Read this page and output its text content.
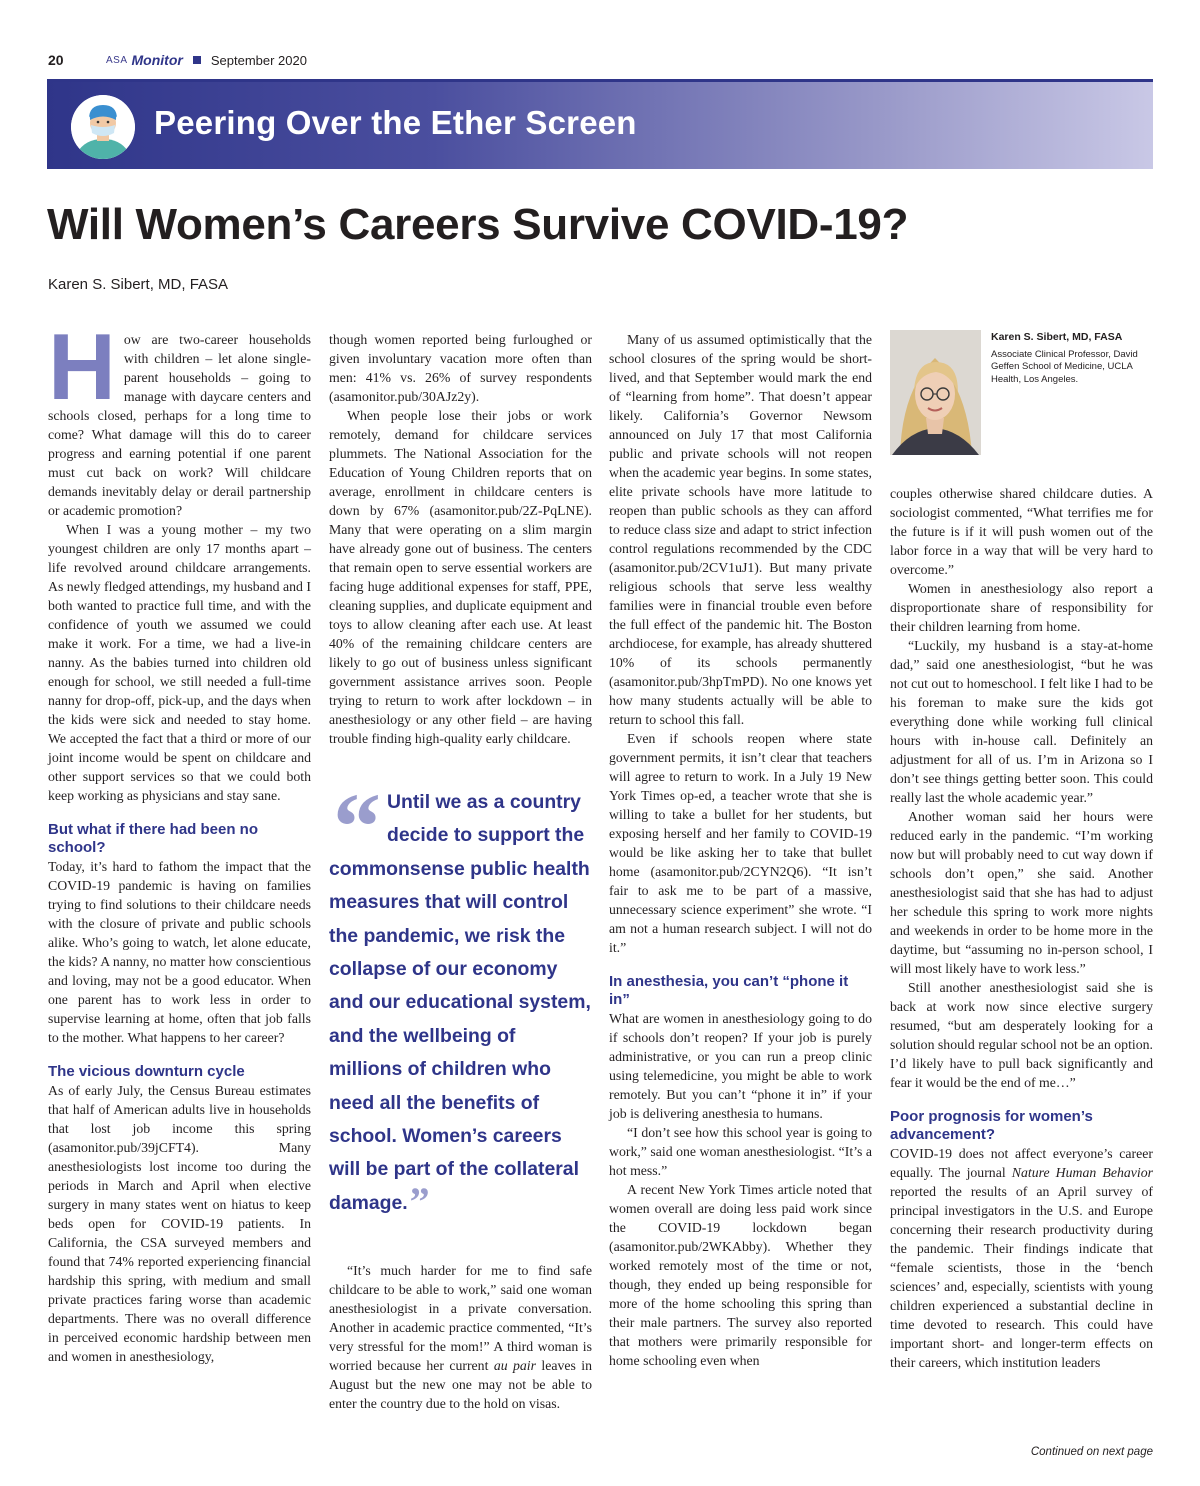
20	ASA Monitor September 2020
Peering Over the Ether Screen
Will Women’s Careers Survive COVID-19?
Karen S. Sibert, MD, FASA
H ow are two-career households with children – let alone single-parent households – going to manage with daycare centers and schools closed, perhaps for a long time to come? What damage will this do to career progress and earning potential if one parent must cut back on work? Will childcare demands inevitably delay or derail partnership or academic promotion?

When I was a young mother – my two youngest children are only 17 months apart – life revolved around childcare arrangements. As newly fledged attendings, my husband and I both wanted to practice full time, and with the confidence of youth we assumed we could make it work. For a time, we had a live-in nanny. As the babies turned into children old enough for school, we still needed a full-time nanny for drop-off, pick-up, and the days when the kids were sick and needed to stay home. We accepted the fact that a third or more of our joint income would be spent on childcare and other support services so that we could both keep working as physicians and stay sane.

But what if there had been no school?

Today, it’s hard to fathom the impact that the COVID-19 pandemic is having on families trying to find solutions to their childcare needs with the closure of private and public schools alike. Who’s going to watch, let alone educate, the kids? A nanny, no matter how conscientious and loving, may not be a good educator. When one parent has to work less in order to supervise learning at home, often that job falls to the mother. What happens to her career?

The vicious downturn cycle

As of early July, the Census Bureau estimates that half of American adults live in households that lost job income this spring (asamonitor.pub/39jCFT4). Many anesthesiologists lost income too during the periods in March and April when elective surgery in many states went on hiatus to keep beds open for COVID-19 patients. In California, the CSA surveyed members and found that 74% reported experiencing financial hardship this spring, with medium and small private practices faring worse than academic departments. There was no overall difference in perceived economic hardship between men and women in anesthesiology,

though women reported being furloughed or given involuntary vacation more often than men: 41% vs. 26% of survey respondents (asamonitor.pub/30AJz2y).

When people lose their jobs or work remotely, demand for childcare services plummets. The National Association for the Education of Young Children reports that on average, enrollment in childcare centers is down by 67% (asamonitor.pub/2Z-PqLNE). Many that were operating on a slim margin have already gone out of business. The centers that remain open to serve essential workers are facing huge additional expenses for staff, PPE, cleaning supplies, and duplicate equipment and toys to allow cleaning after each use. At least 40% of the remaining childcare centers are likely to go out of business unless significant government assistance arrives soon. People trying to return to work after lockdown – in anesthesiology or any other field – are having trouble finding high-quality early childcare.

“ Until we as a country decide to support the commonsense public health measures that will control the pandemic, we risk the collapse of our economy and our educational system, and the wellbeing of millions of children who need all the benefits of school. Women’s careers will be part of the collateral damage.”

“It’s much harder for me to find safe childcare to be able to work,” said one woman anesthesiologist in a private conversation. Another in academic practice commented, “It’s very stressful for the mom!” A third woman is worried because her current au pair leaves in August but the new one may not be able to enter the country due to the hold on visas.

Many of us assumed optimistically that the school closures of the spring would be short-lived, and that September would mark the end of “learning from home”. That doesn’t appear likely. California’s Governor Newsom announced on July 17 that most California public and private schools will not reopen when the academic year begins. In some states, elite private schools have more latitude to reopen than public schools as they can afford to reduce class size and adapt to strict infection control regulations recommended by the CDC (asamonitor.pub/2CV1uJ1). But many private religious schools that serve less wealthy families were in financial trouble even before the full effect of the pandemic hit. The Boston archdiocese, for example, has already shuttered 10% of its schools permanently (asamonitor.pub/3hpTmPD). No one knows yet how many students actually will be able to return to school this fall.

Even if schools reopen where state government permits, it isn’t clear that teachers will agree to return to work. In a July 19 New York Times op-ed, a teacher wrote that she is willing to take a bullet for her students, but exposing herself and her family to COVID-19 would be like asking her to take that bullet home (asamonitor.pub/2CYN2Q6). “It isn’t fair to ask me to be part of a massive, unnecessary science experiment” she wrote. “I am not a human research subject. I will not do it.”

In anesthesia, you can’t “phone it in”

What are women in anesthesiology going to do if schools don’t reopen? If your job is purely administrative, or you can run a preop clinic using telemedicine, you might be able to work remotely. But you can’t “phone it in” if your job is delivering anesthesia to humans.

“I don’t see how this school year is going to work,” said one woman anesthesiologist. “It’s a hot mess.”

A recent New York Times article noted that women overall are doing less paid work since the COVID-19 lockdown began (asamonitor.pub/2WKAbby). Whether they worked remotely most of the time or not, though, they ended up being responsible for more of the home schooling this spring than their male partners. The survey also reported that mothers were primarily responsible for home schooling even when

Karen S. Sibert, MD, FASA
Associate Clinical Professor, David Geffen School of Medicine, UCLA Health, Los Angeles.

couples otherwise shared childcare duties. A sociologist commented, “What terrifies me for the future is if it will push women out of the labor force in a way that will be very hard to overcome.”

Women in anesthesiology also report a disproportionate share of responsibility for their children learning from home.

“Luckily, my husband is a stay-at-home dad,” said one anesthesiologist, “but he was not cut out to homeschool. I felt like I had to be his foreman to make sure the kids got everything done while working full clinical hours with in-house call. Definitely an adjustment for all of us. I’m in Arizona so I don’t see things getting better soon. This could really last the whole academic year.”

Another woman said her hours were reduced early in the pandemic. “I’m working now but will probably need to cut way down if schools don’t open,” she said. Another anesthesiologist said that she has had to adjust her schedule this spring to work more nights and weekends in order to be home more in the daytime, but “assuming no in-person school, I will most likely have to work less.”

Still another anesthesiologist said she is back at work now since elective surgery resumed, “but am desperately looking for a solution should regular school not be an option. I’d likely have to pull back significantly and fear it would be the end of me…”

Poor prognosis for women’s advancement?

COVID-19 does not affect everyone’s career equally. The journal Nature Human Behavior reported the results of an April survey of principal investigators in the U.S. and Europe concerning their research productivity during the pandemic. Their findings indicate that “female scientists, those in the ‘bench sciences’ and, especially, scientists with young children experienced a substantial decline in time devoted to research. This could have important short- and longer-term effects on their careers, which institution leaders

Continued on next page
